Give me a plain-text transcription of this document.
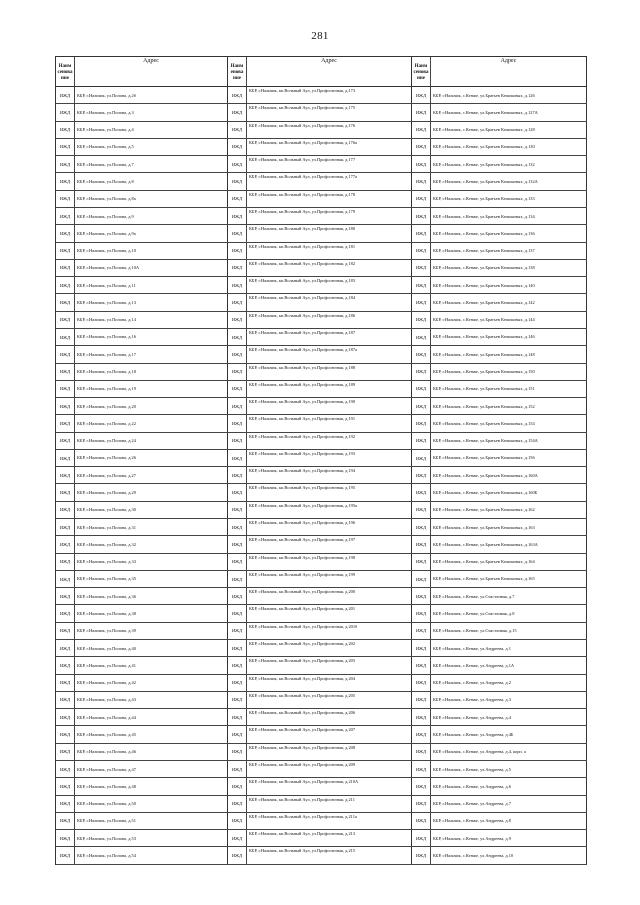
281
Наим сенова ние
Адрес
ИЖД КБР, г.Нальчик, ул.Попова, д.2б
ИЖД КБР, г.Нальчик, ул.Попова, д.3
ИЖД КБР, г.Нальчик, ул.Попова, д.4
ИЖД КБР, г.Нальчик, ул.Попова, д.5
ИЖД КБР, г.Нальчик, ул.Попова, д.7
ИЖД КБР, г.Нальчик, ул.Попова, д.8
ИЖД КБР, г.Нальчик, ул.Попова, д.8а
ИЖД КБР, г.Нальчик, ул.Попова, д.9
ИЖД КБР, г.Нальчик, ул.Попова, д.9а
ИЖД КБР, г.Нальчик, ул.Попова, д.10
ИЖД КБР, г.Нальчик, ул.Попова, д.10А
ИЖД КБР, г.Нальчик, ул.Попова, д.11
ИЖД КБР, г.Нальчик, ул.Попова, д.13
ИЖД КБР, г.Нальчик, ул.Попова, д.14
ИЖД КБР, г.Нальчик, ул.Попова, д.16
ИЖД КБР, г.Нальчик, ул.Попова, д.17
ИЖД КБР, г.Нальчик, ул.Попова, д.18
ИЖД КБР, г.Нальчик, ул.Попова, д.19
ИЖД КБР, г.Нальчик, ул.Попова, д.20
ИЖД КБР, г.Нальчик, ул.Попова, д.22
ИЖД КБР, г.Нальчик, ул.Попова, д.24
ИЖД КБР, г.Нальчик, ул.Попова, д.26
ИЖД КБР, г.Нальчик, ул.Попова, д.27
ИЖД КБР, г.Нальчик, ул.Попова, д.29
ИЖД КБР, г.Нальчик, ул.Попова, д.30
ИЖД КБР, г.Нальчик, ул.Попова, д.31
ИЖД КБР, г.Нальчик, ул.Попова, д.32
ИЖД КБР, г.Нальчик, ул.Попова, д.33
ИЖД КБР, г.Нальчик, ул.Попова, д.35
ИЖД КБР, г.Нальчик, ул.Попова, д.36
ИЖД КБР, г.Нальчик, ул.Попова, д.38
ИЖД КБР, г.Нальчик, ул.Попова, д.39
ИЖД КБР, г.Нальчик, ул.Попова, д.40
ИЖД КБР, г.Нальчик, ул.Попова, д.41
ИЖД КБР, г.Нальчик, ул.Попова, д.42
ИЖД КБР, г.Нальчик, ул.Попова, д.43
ИЖД КБР, г.Нальчик, ул.Попова, д.44
ИЖД КБР, г.Нальчик, ул.Попова, д.45
ИЖД КБР, г.Нальчик, ул.Попова, д.46
ИЖД КБР, г.Нальчик, ул.Попова, д.47
ИЖД КБР, г.Нальчик, ул.Попова, д.48
ИЖД КБР, г.Нальчик, ул.Попова, д.50
ИЖД КБР, г.Нальчик, ул.Попова, д.51
ИЖД КБР, г.Нальчик, ул.Попова, д.53
ИЖД КБР, г.Нальчик, ул.Попова, д.54
Наим енова ние
Адрес
ИЖД
КБР, г.Нальчик, кп.Вольный Аул, ул.Профсоюзная, д.173
ИЖД
КБР, г.Нальчик, кп.Вольный Аул, ул.Профсоюзная, д.175
ИЖД
КБР, г.Нальчик, кп.Вольный Аул, ул.Профсоюзная, д.176
ИЖД
КБР, г.Нальчик, кп.Вольный Аул, ул.Профсоюзная, д.176а
ИЖД
КБР, г.Нальчик, кп.Вольный Аул, ул.Профсоюзная, д.177
ИЖД
КБР, г.Нальчик, кп.Вольный Аул, ул.Профсоюзная, д.177а
ИЖД
КБР, г.Нальчик, кп.Вольный Аул, ул.Профсоюзная, д.178
ИЖД
КБР, г.Нальчик, кп.Вольный Аул, ул.Профсоюзная, д.179
ИЖД
КБР, г.Нальчик, кп.Вольный Аул, ул.Профсоюзная, д.180
ИЖД
КБР, г.Нальчик, кп.Вольный Аул, ул.Профсоюзная, д.181
ИЖД
КБР, г.Нальчик, кп.Вольный Аул, ул.Профсоюзная, д.182
ИЖД
КБР, г.Нальчик, кп.Вольный Аул, ул.Профсоюзная, д.183
ИЖД
КБР, г.Нальчик, кп.Вольный Аул, ул.Профсоюзная, д.184
ИЖД
КБР, г.Нальчик, кп.Вольный Аул, ул.Профсоюзная, д.186
ИЖД
КБР, г.Нальчик, кп.Вольный Аул, ул.Профсоюзная, д.187
ИЖД
КБР, г.Нальчик, кп.Вольный Аул, ул.Профсоюзная, д.187а
ИЖД
КБР, г.Нальчик, кп.Вольный Аул, ул.Профсоюзная, д.188
ИЖД
КБР, г.Нальчик, кп.Вольный Аул, ул.Профсоюзная, д.189
ИЖД
КБР, г.Нальчик, кп.Вольный Аул, ул.Профсоюзная, д.190
ИЖД
КБР, г.Нальчик, кп.Вольный Аул, ул.Профсоюзная, д.191
ИЖД
КБР, г.Нальчик, кп.Вольный Аул, ул.Профсоюзная, д.192
ИЖД
КБР, г.Нальчик, кп.Вольный Аул, ул.Профсоюзная, д.193
ИЖД
КБР, г.Нальчик, кп.Вольный Аул, ул.Профсоюзная, д.194
ИЖД
КБР, г.Нальчик, кп.Вольный Аул, ул.Профсоюзная, д.195
ИЖД
КБР, г.Нальчик, кп.Вольный Аул, ул.Профсоюзная, д.195а
ИЖД
КБР, г.Нальчик, кп.Вольный Аул, ул.Профсоюзная, д.196
ИЖД
КБР, г.Нальчик, кп.Вольный Аул, ул.Профсоюзная, д.197
ИЖД
КБР, г.Нальчик, кп.Вольный Аул, ул.Профсоюзная, д.198
ИЖД
КБР, г.Нальчик, кп.Вольный Аул, ул.Профсоюзная, д.199
ИЖД
КБР, г.Нальчик, кп.Вольный Аул, ул.Профсоюзная, д.200
ИЖД
КБР, г.Нальчик, кп.Вольный Аул, ул.Профсоюзная, д.201
ИЖД
КБР, г.Нальчик, кп.Вольный Аул, ул.Профсоюзная, д.201б
ИЖД
КБР, г.Нальчик, кп.Вольный Аул, ул.Профсоюзная, д.202
ИЖД
КБР, г.Нальчик, кп.Вольный Аул, ул.Профсоюзная, д.203
ИЖД
КБР, г.Нальчик, кп.Вольный Аул, ул.Профсоюзная, д.204
ИЖД
КБР, г.Нальчик, кп.Вольный Аул, ул.Профсоюзная, д.205
ИЖД
КБР, г.Нальчик, кп.Вольный Аул, ул.Профсоюзная, д.206
ИЖД
КБР, г.Нальчик, кп.Вольный Аул, ул.Профсоюзная, д.207
ИЖД
КБР, г.Нальчик, кп.Вольный Аул, ул.Профсоюзная, д.208
ИЖД
КБР, г.Нальчик, кп.Вольный Аул, ул.Профсоюзная, д.209
ИЖД
КБР, г.Нальчик, кп.Вольный Аул, ул.Профсоюзная, д.210А
ИЖД
КБР, г.Нальчик, кп.Вольный Аул, ул.Профсоюзная, д.211
ИЖД
КБР, г.Нальчик, кп.Вольный Аул, ул.Профсоюзная, д.211а
ИЖД
КБР, г.Нальчик, кп.Вольный Аул, ул.Профсоюзная, д.213
ИЖД
КБР, г.Нальчик, кп.Вольный Аул, ул.Профсоюзная, д.215
Наим сенова ние
Адрес
ИЖД КБР, г.Нальчик, с.Кенже, ул.Братьев Кешоковых, д.126
ИЖД КБР, г.Нальчик, с.Кенже, ул.Братьев Кешоковых, д.127А
ИЖД КБР, г.Нальчик, с.Кенже, ул.Братьев Кешоковых, д.128
ИЖД КБР, г.Нальчик, с.Кенже, ул.Братьев Кешоковых, д.130
ИЖД КБР, г.Нальчик, с.Кенже, ул.Братьев Кешоковых, д.132
ИЖД КБР, г.Нальчик, с.Кенже, ул.Братьев Кешоковых, д.132А
ИЖД КБР, г.Нальчик, с.Кенже, ул.Братьев Кешоковых, д.133
ИЖД КБР, г.Нальчик, с.Кенже, ул.Братьев Кешоковых, д.134
ИЖД КБР, г.Нальчик, с.Кенже, ул.Братьев Кешоковых, д.136
ИЖД КБР, г.Нальчик, с.Кенже, ул.Братьев Кешоковых, д.137
ИЖД КБР, г.Нальчик, с.Кенже, ул.Братьев Кешоковых, д.138
ИЖД КБР, г.Нальчик, с.Кенже, ул.Братьев Кешоковых, д.140
ИЖД КБР, г.Нальчик, с.Кенже, ул.Братьев Кешоковых, д.142
ИЖД КБР, г.Нальчик, с.Кенже, ул.Братьев Кешоковых, д.144
ИЖД КБР, г.Нальчик, с.Кенже, ул.Братьев Кешоковых, д.146
ИЖД КБР, г.Нальчик, с.Кенже, ул.Братьев Кешоковых, д.148
ИЖД КБР, г.Нальчик, с.Кенже, ул.Братьев Кешоковых, д.150
ИЖД КБР, г.Нальчик, с.Кенже, ул.Братьев Кешоковых, д.151
ИЖД КБР, г.Нальчик, с.Кенже, ул.Братьев Кешоковых, д.152
ИЖД КБР, г.Нальчик, с.Кенже, ул.Братьев Кешоковых, д.154
ИЖД КБР, г.Нальчик, с.Кенже, ул.Братьев Кешоковых, д.154А
ИЖД КБР, г.Нальчик, с.Кенже, ул.Братьев Кешоковых, д.156
ИЖД КБР, г.Нальчик, с.Кенже, ул.Братьев Кешоковых, д.160А
ИЖД КБР, г.Нальчик, с.Кенже, ул.Братьев Кешоковых, д.160Б
ИЖД КБР, г.Нальчик, с.Кенже, ул.Братьев Кешоковых, д.162
ИЖД КБР, г.Нальчик, с.Кенже, ул.Братьев Кешоковых, д.163
ИЖД КБР, г.Нальчик, с.Кенже, ул.Братьев Кешоковых, д.163А
ИЖД КБР, г.Нальчик, с.Кенже, ул.Братьев Кешоковых, д.164
ИЖД КБР, г.Нальчик, с.Кенже, ул.Братьев Кешоковых, д.165
ИЖД КБР, г.Нальчик, с.Кенже, ул.Счастливая, д.7
ИЖД КБР, г.Нальчик, с.Кенже, ул.Счастливая, д.8
ИЖД КБР, г.Нальчик, с.Кенже, ул.Счастливая, д.15
ИЖД КБР, г.Нальчик, с.Кенже, ул.Андреева, д.1
ИЖД КБР, г.Нальчик, с.Кенже, ул.Андреева, д.1А
ИЖД КБР, г.Нальчик, с.Кенже, ул.Андреева, д.2
ИЖД КБР, г.Нальчик, с.Кенже, ул.Андреева, д.3
ИЖД КБР, г.Нальчик, с.Кенже, ул.Андреева, д.4
ИЖД КБР, г.Нальчик, с.Кенже, ул.Андреева, д.4Б
ИЖД КБР, г.Нальчик, с.Кенже, ул.Андреева, д.4, корп. а
ИЖД КБР, г.Нальчик, с.Кенже, ул.Андреева, д.5
ИЖД КБР, г.Нальчик, с.Кенже, ул.Андреева, д.6
ИЖД КБР, г.Нальчик, с.Кенже, ул.Андреева, д.7
ИЖД КБР, г.Нальчик, с.Кенже, ул.Андреева, д.8
ИЖД КБР, г.Нальчик, с.Кенже, ул.Андреева, д.9
ИЖД КБР, г.Нальчик, с.Кенже, ул.Андреева, д.10
